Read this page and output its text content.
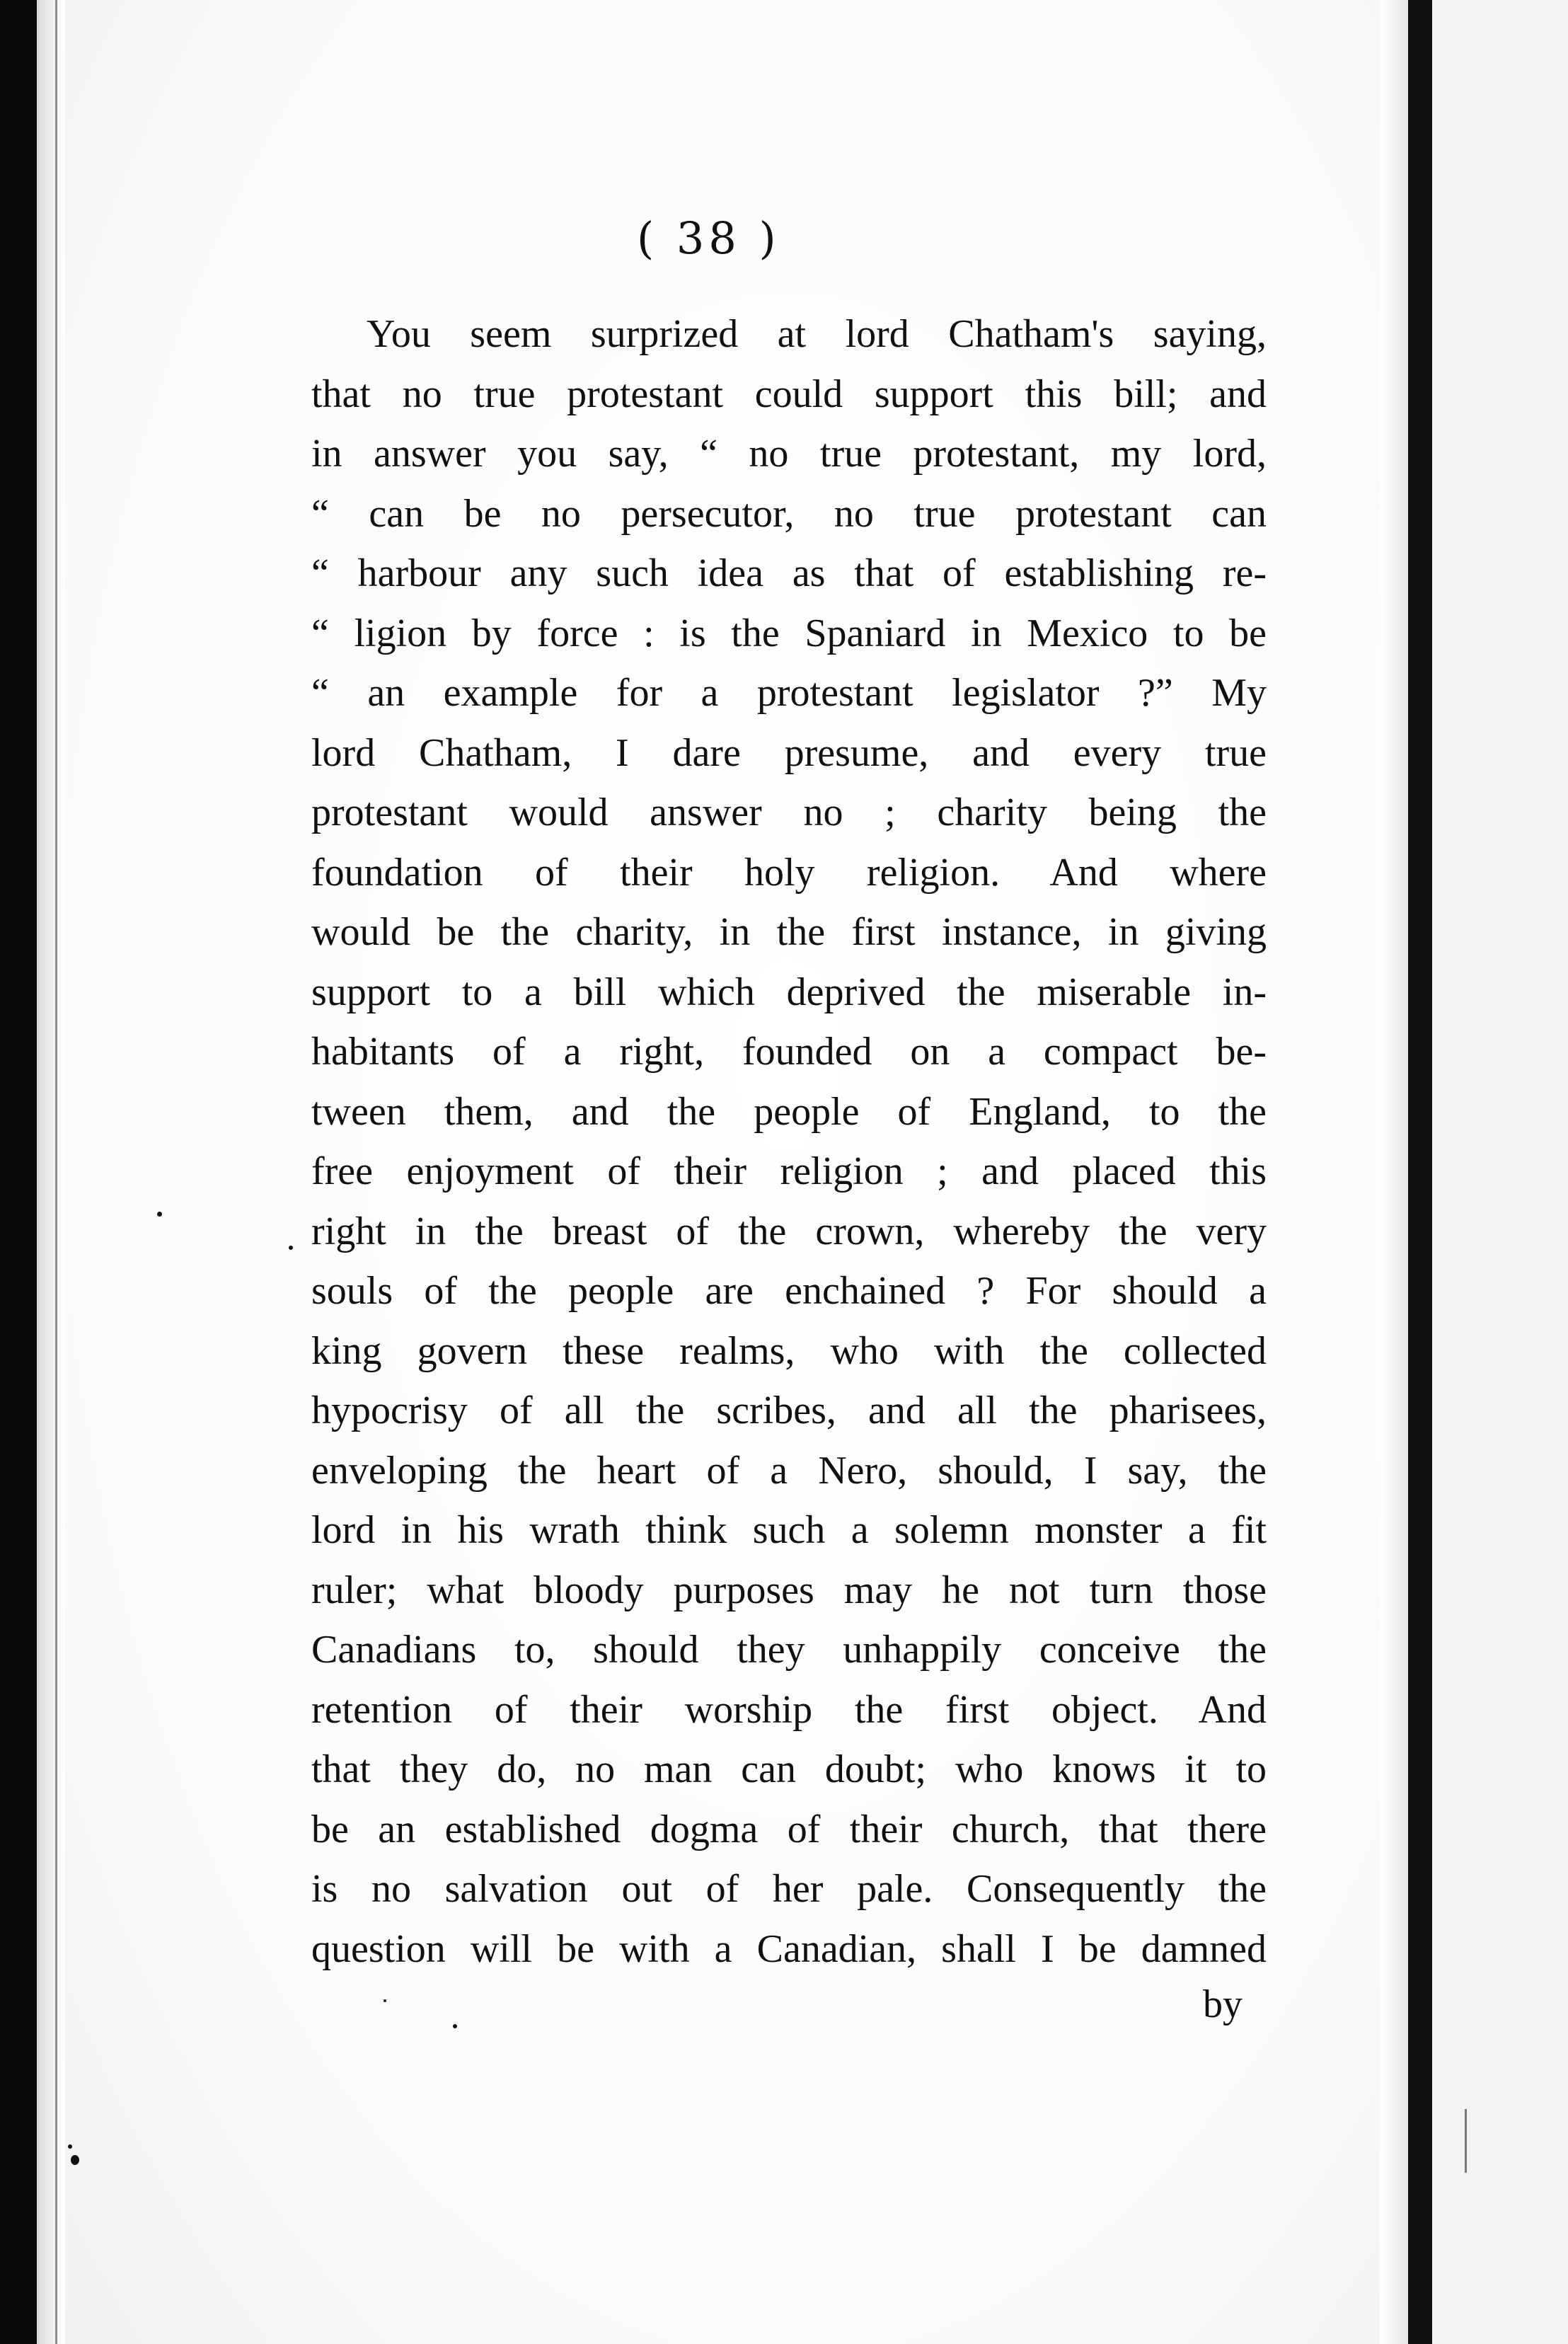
( 38 )
You seem surprized at lord Chatham's saying,
that no true protestant could support this bill; and
in answer you say, “ no true protestant, my lord,
“ can be no persecutor, no true protestant can
“ harbour any such idea as that of establishing re-
“ ligion by force : is the Spaniard in Mexico to be
“ an example for a protestant legislator ?” My
lord Chatham, I dare presume, and every true
protestant would answer no ; charity being the
foundation of their holy religion. And where
would be the charity, in the first instance, in giving
support to a bill which deprived the miserable in-
habitants of a right, founded on a compact be-
tween them, and the people of England, to the
free enjoyment of their religion ; and placed this
right in the breast of the crown, whereby the very
souls of the people are enchained ? For should a
king govern these realms, who with the collected
hypocrisy of all the scribes, and all the pharisees,
enveloping the heart of a Nero, should, I say, the
lord in his wrath think such a solemn monster a fit
ruler; what bloody purposes may he not turn those
Canadians to, should they unhappily conceive the
retention of their worship the first object. And
that they do, no man can doubt; who knows it to
be an established dogma of their church, that there
is no salvation out of her pale. Consequently the
question will be with a Canadian, shall I be damned
by
